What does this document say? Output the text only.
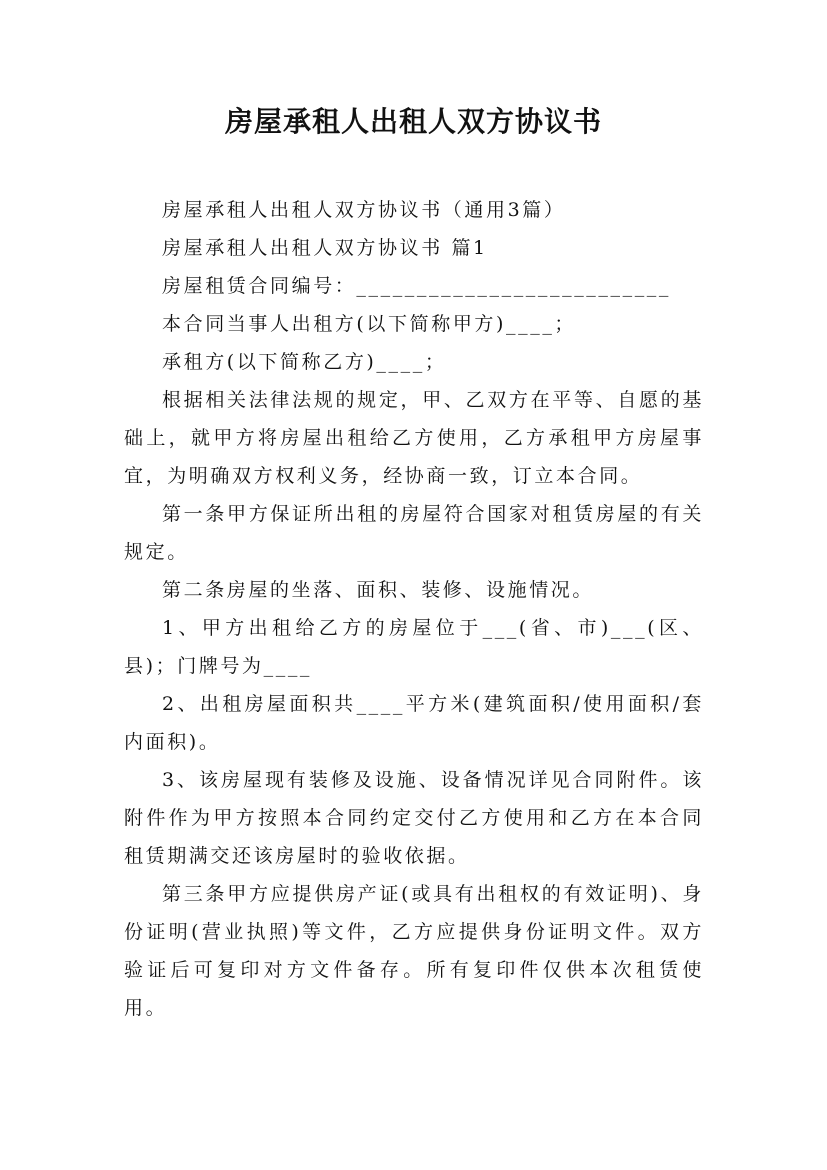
房屋承租人出租人双方协议书

房屋承租人出租人双方协议书（通用3篇）

房屋承租人出租人双方协议书 篇1

房屋租赁合同编号：__________________________

本合同当事人出租方(以下简称甲方)____；

承租方(以下简称乙方)____；

根据相关法律法规的规定，甲、乙双方在平等、自愿的基础上，就甲方将房屋出租给乙方使用，乙方承租甲方房屋事宜，为明确双方权利义务，经协商一致，订立本合同。

第一条甲方保证所出租的房屋符合国家对租赁房屋的有关规定。

第二条房屋的坐落、面积、装修、设施情况。

1、甲方出租给乙方的房屋位于___(省、市)___(区、县)；门牌号为____

2、出租房屋面积共____平方米(建筑面积/使用面积/套内面积)。

3、该房屋现有装修及设施、设备情况详见合同附件。该附件作为甲方按照本合同约定交付乙方使用和乙方在本合同租赁期满交还该房屋时的验收依据。

第三条甲方应提供房产证(或具有出租权的有效证明)、身份证明(营业执照)等文件，乙方应提供身份证明文件。双方验证后可复印对方文件备存。所有复印件仅供本次租赁使用。
